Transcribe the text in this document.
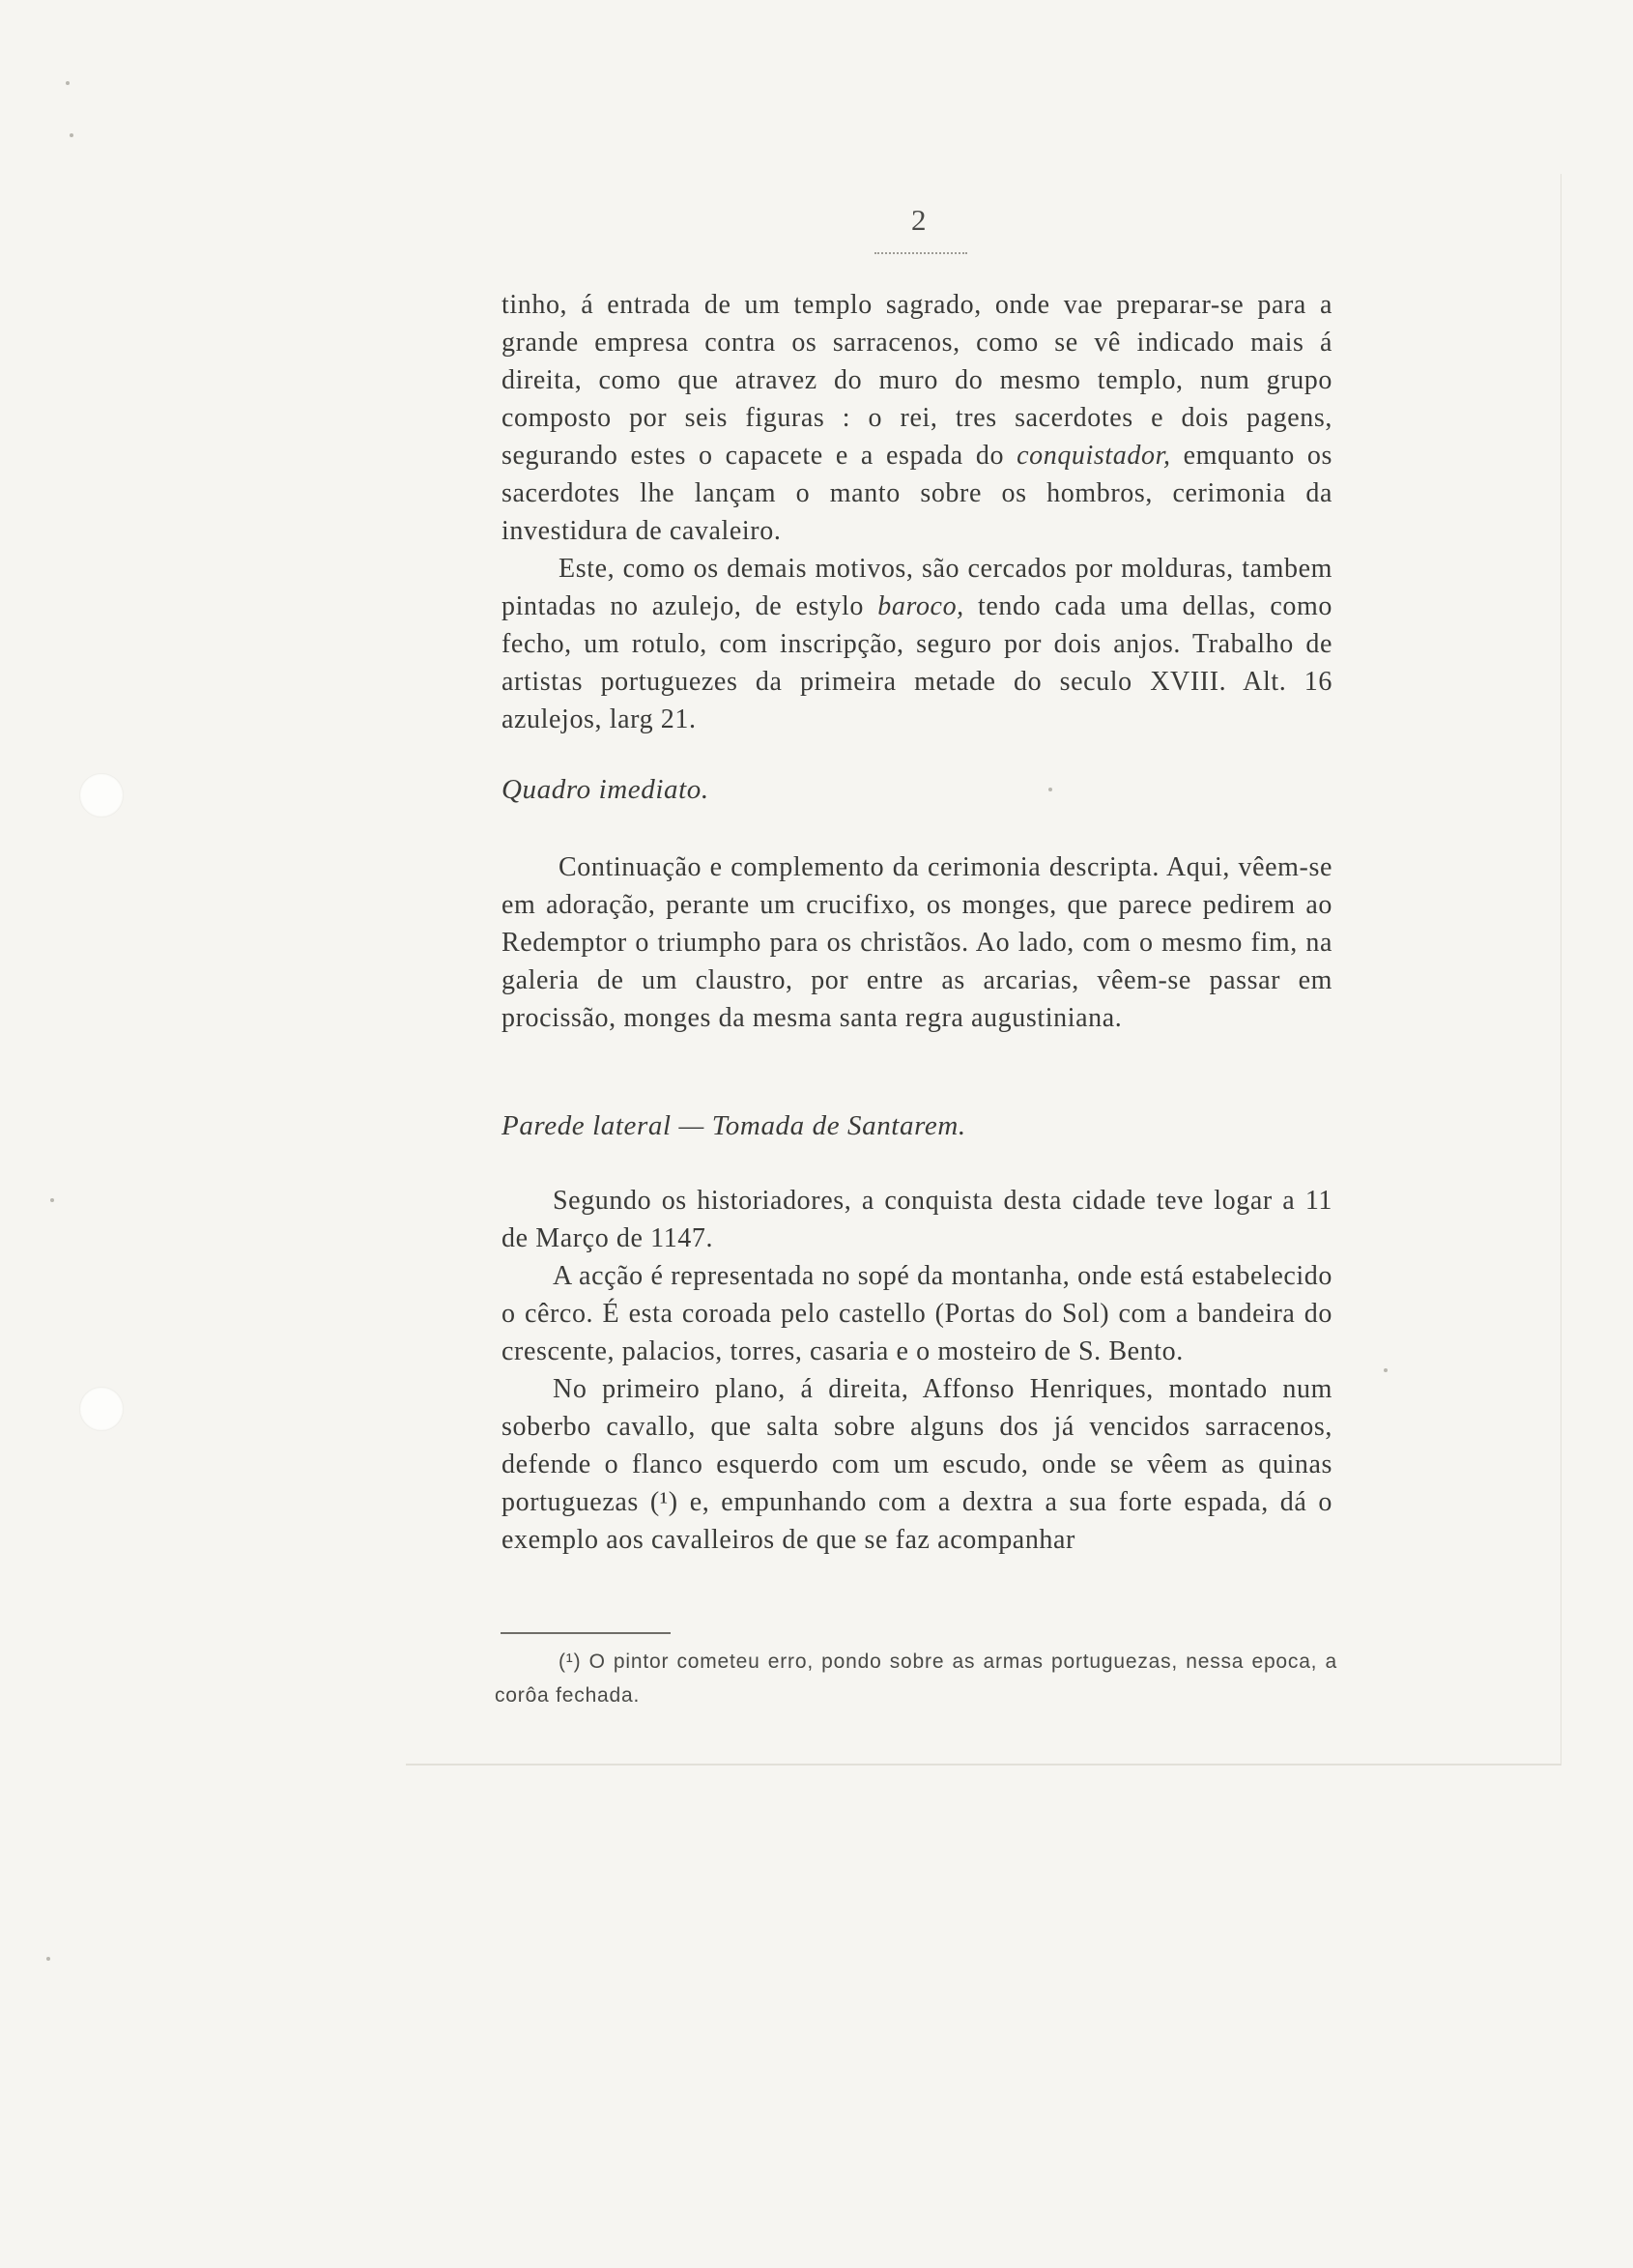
2

tinho, á entrada de um templo sagrado, onde vae preparar-se para a grande empresa contra os sarracenos, como se vê indicado mais á direita, como que atravez do muro do mesmo templo, num grupo composto por seis figuras : o rei, tres sacerdotes e dois pagens, segurando estes o capacete e a espada do conquistador, emquanto os sacerdotes lhe lançam o manto sobre os hombros, cerimonia da investidura de cavaleiro.

Este, como os demais motivos, são cercados por molduras, tambem pintadas no azulejo, de estylo baroco, tendo cada uma dellas, como fecho, um rotulo, com inscripção, seguro por dois anjos. Trabalho de artistas portuguezes da primeira metade do seculo XVIII. Alt. 16 azulejos, larg 21.

Quadro imediato.

Continuação e complemento da cerimonia descripta. Aqui, vêem-se em adoração, perante um crucifixo, os monges, que parece pedirem ao Redemptor o triumpho para os christãos. Ao lado, com o mesmo fim, na galeria de um claustro, por entre as arcarias, vêem-se passar em procissão, monges da mesma santa regra augustiniana.

Parede lateral — Tomada de Santarem.

Segundo os historiadores, a conquista desta cidade teve logar a 11 de Março de 1147.

A acção é representada no sopé da montanha, onde está estabelecido o cêrco. É esta coroada pelo castello (Portas do Sol) com a bandeira do crescente, palacios, torres, casaria e o mosteiro de S. Bento.

No primeiro plano, á direita, Affonso Henriques, montado num soberbo cavallo, que salta sobre alguns dos já vencidos sarracenos, defende o flanco esquerdo com um escudo, onde se vêem as quinas portuguezas (¹) e, empunhando com a dextra a sua forte espada, dá o exemplo aos cavalleiros de que se faz acompanhar

(¹) O pintor cometeu erro, pondo sobre as armas portuguezas, nessa epoca, a corôa fechada.
